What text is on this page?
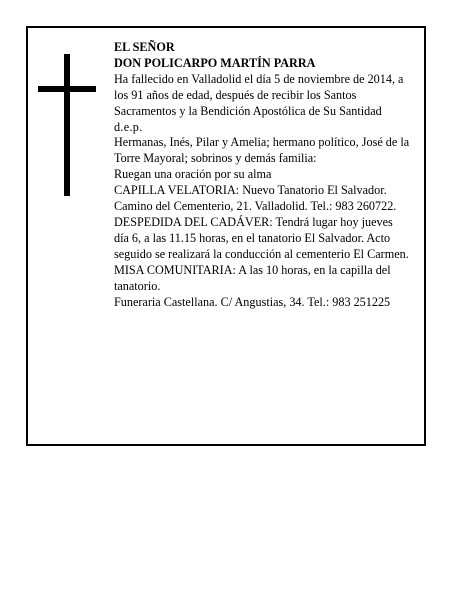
EL SEÑOR

DON POLICARPO MARTÍN PARRA

Ha fallecido en Valladolid el día 5 de noviembre de 2014, a los 91 años de edad, después de recibir los Santos Sacramentos y la Bendición Apostólica de Su Santidad

d.e.p.

Hermanas, Inés, Pilar y Amelia; hermano político, José de la Torre Mayoral; sobrinos y demás familia:

Ruegan una oración por su alma

CAPILLA VELATORIA: Nuevo Tanatorio El Salvador. Camino del Cementerio, 21. Valladolid. Tel.: 983 260722.

DESPEDIDA DEL CADÁVER: Tendrá lugar hoy jueves día 6, a las 11.15 horas, en el tanatorio El Salvador. Acto seguido se realizará la conducción al cementerio El Carmen.

MISA COMUNITARIA: A las 10 horas, en la capilla del tanatorio.

Funeraria Castellana. C/ Angustias, 34. Tel.: 983 251225
